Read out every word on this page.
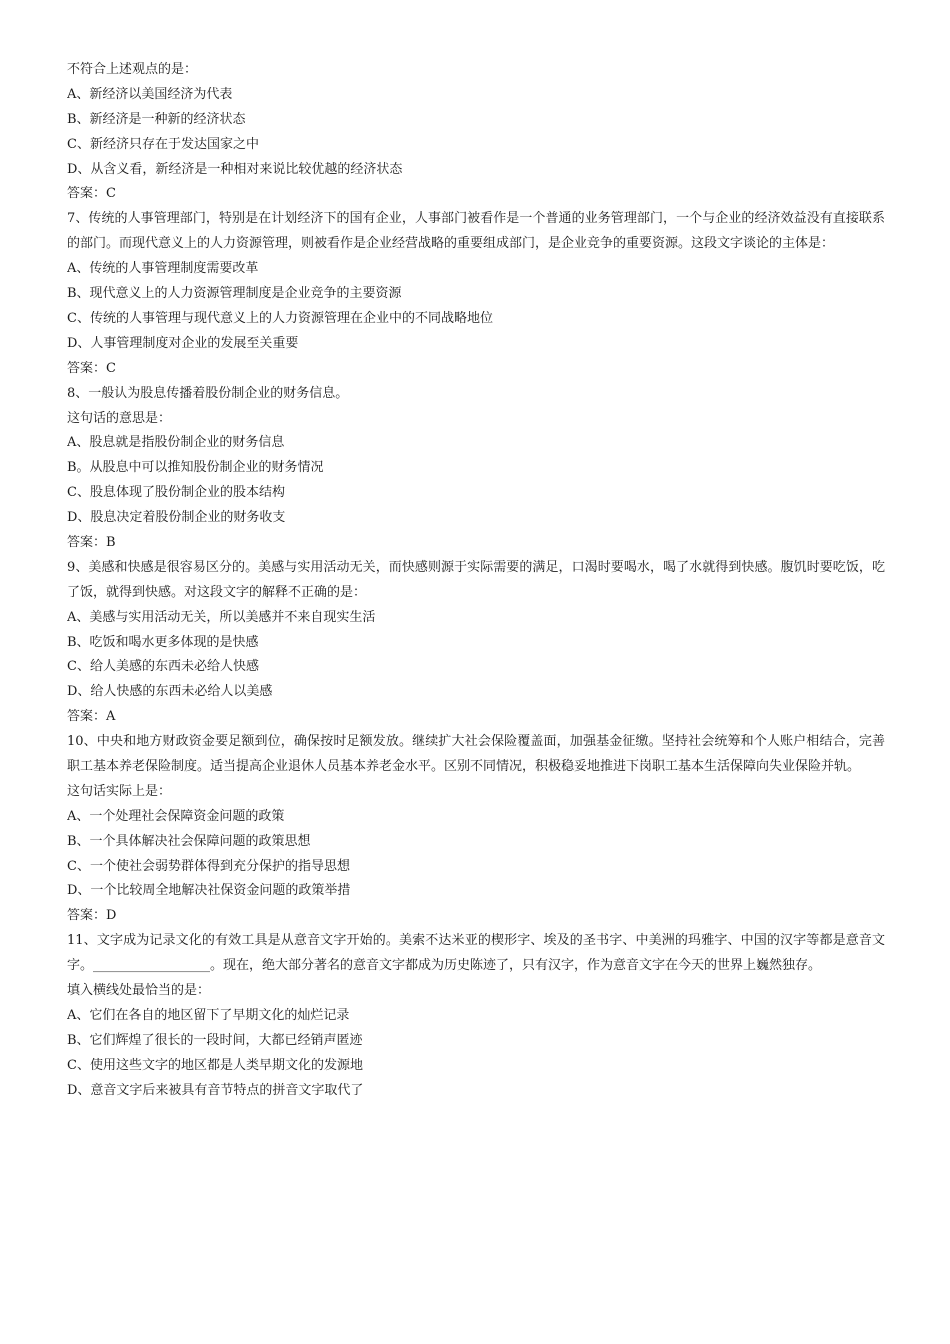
不符合上述观点的是：
A、新经济以美国经济为代表
B、新经济是一种新的经济状态
C、新经济只存在于发达国家之中
D、从含义看，新经济是一种相对来说比较优越的经济状态
答案：C
7、传统的人事管理部门，特别是在计划经济下的国有企业，人事部门被看作是一个普通的业务管理部门，一个与企业的经济效益没有直接联系的部门。而现代意义上的人力资源管理，则被看作是企业经营战略的重要组成部门，是企业竞争的重要资源。这段文字谈论的主体是：
A、传统的人事管理制度需要改革
B、现代意义上的人力资源管理制度是企业竞争的主要资源
C、传统的人事管理与现代意义上的人力资源管理在企业中的不同战略地位
D、人事管理制度对企业的发展至关重要
答案：C
8、一般认为股息传播着股份制企业的财务信息。
这句话的意思是：
A、股息就是指股份制企业的财务信息
B。从股息中可以推知股份制企业的财务情况
C、股息体现了股份制企业的股本结构
D、股息决定着股份制企业的财务收支
答案：B
9、美感和快感是很容易区分的。美感与实用活动无关，而快感则源于实际需要的满足，口渴时要喝水，喝了水就得到快感。腹饥时要吃饭，吃了饭，就得到快感。对这段文字的解释不正确的是：
A、美感与实用活动无关，所以美感并不来自现实生活
B、吃饭和喝水更多体现的是快感
C、给人美感的东西未必给人快感
D、给人快感的东西未必给人以美感
答案：A
10、中央和地方财政资金要足额到位，确保按时足额发放。继续扩大社会保险覆盖面，加强基金征缴。坚持社会统筹和个人账户相结合，完善职工基本养老保险制度。适当提高企业退休人员基本养老金水平。区别不同情况，积极稳妥地推进下岗职工基本生活保障向失业保险并轨。
这句话实际上是：
A、一个处理社会保障资金问题的政策
B、一个具体解决社会保障问题的政策思想
C、一个使社会弱势群体得到充分保护的指导思想
D、一个比较周全地解决社保资金问题的政策举措
答案：D
11、文字成为记录文化的有效工具是从意音文字开始的。美索不达米亚的楔形字、埃及的圣书字、中美洲的玛雅字、中国的汉字等都是意音文字。__________________。现在，绝大部分著名的意音文字都成为历史陈迹了，只有汉字，作为意音文字在今天的世界上巍然独存。
填入横线处最恰当的是：
A、它们在各自的地区留下了早期文化的灿烂记录
B、它们辉煌了很长的一段时间，大都已经销声匿迹
C、使用这些文字的地区都是人类早期文化的发源地
D、意音文字后来被具有音节特点的拼音文字取代了
